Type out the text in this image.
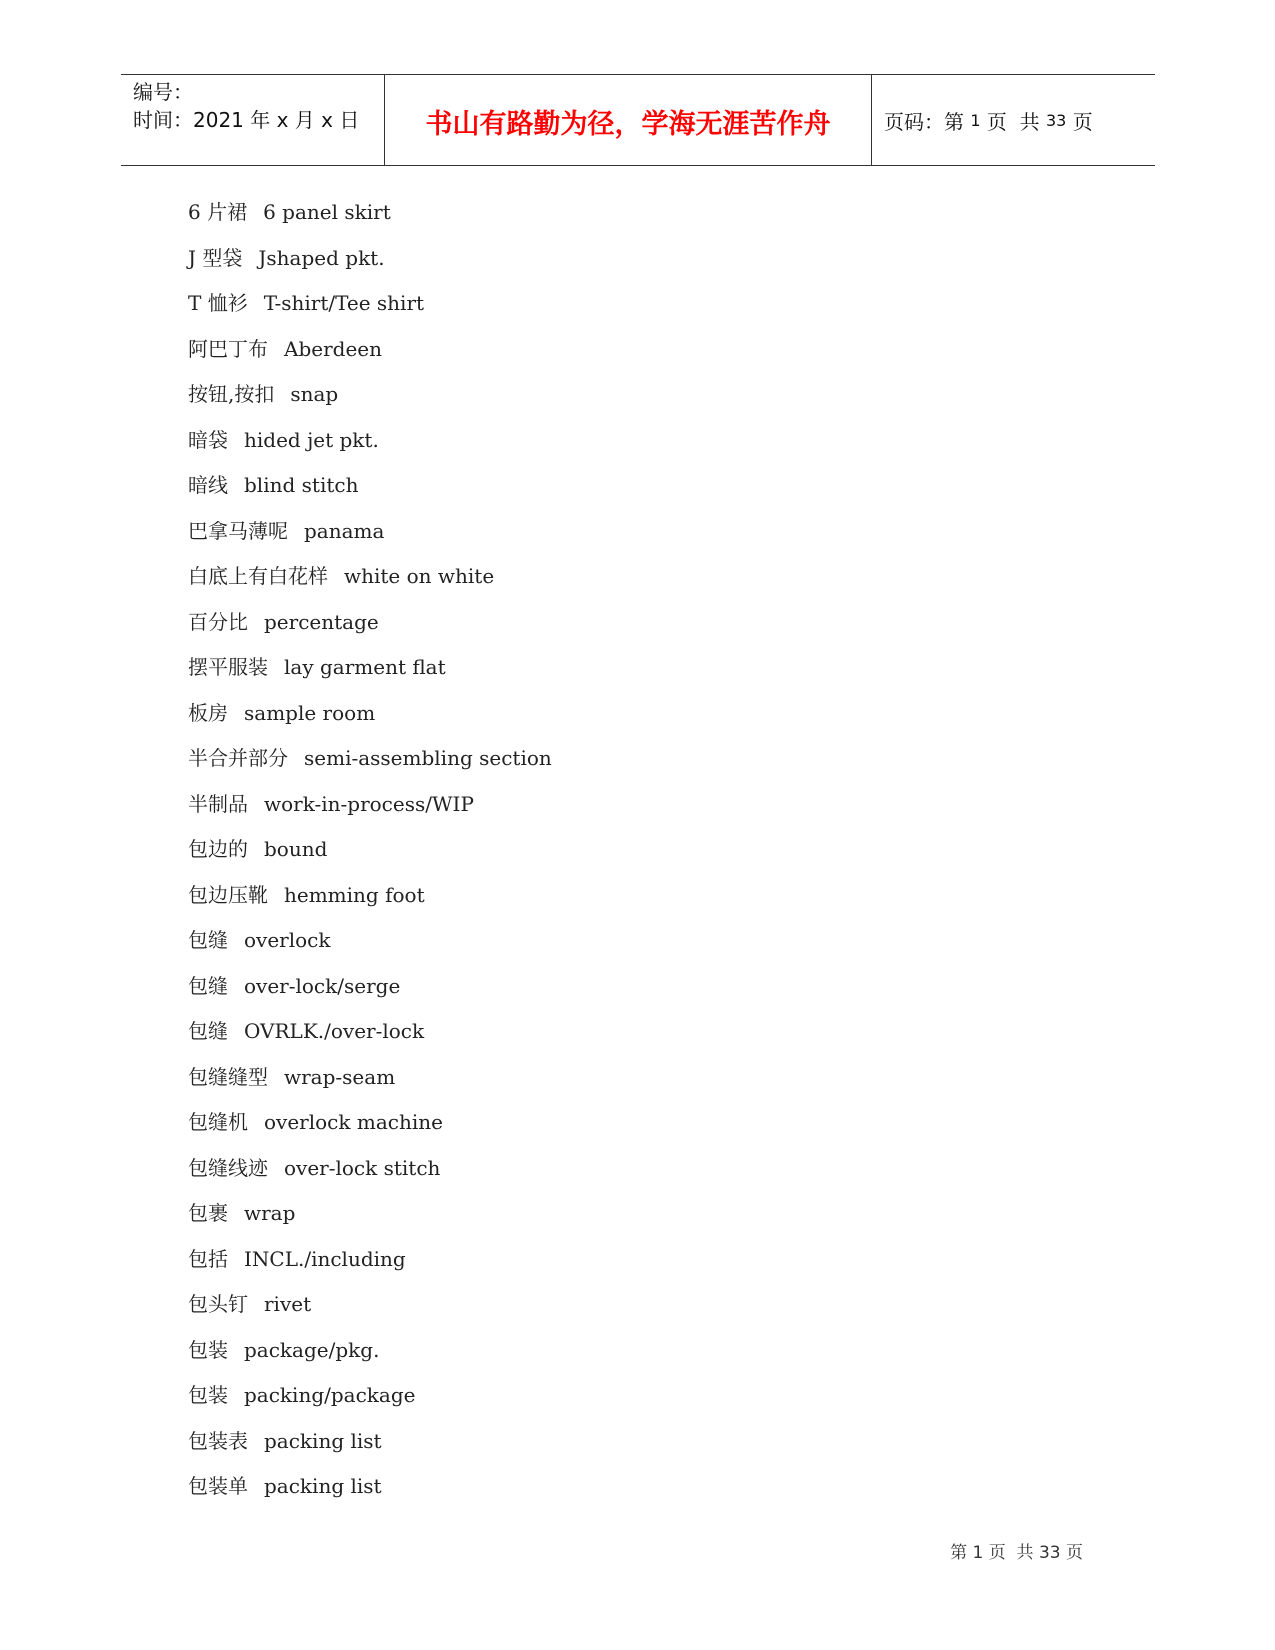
编号：
时间：2021 年 x 月 x 日	书山有路勤为径，学海无涯苦作舟	页码：第 1 页  共 33 页
6 片裙 6 panel skirt
J 型袋 Jshaped pkt.
T 恤衫 T-shirt/Tee shirt
阿巴丁布 Aberdeen
按钮,按扣 snap
暗袋 hided jet pkt.
暗线 blind stitch
巴拿马薄呢 panama
白底上有白花样 white on white
百分比 percentage
摆平服装 lay garment flat
板房 sample room
半合并部分 semi-assembling section
半制品 work-in-process/WIP
包边的 bound
包边压靴 hemming foot
包缝 overlock
包缝 over-lock/serge
包缝 OVRLK./over-lock
包缝缝型 wrap-seam
包缝机 overlock machine
包缝线迹 over-lock stitch
包裹 wrap
包括 INCL./including
包头钉 rivet
包装 package/pkg.
包装 packing/package
包装表 packing list
包装单 packing list
第 1 页  共 33 页
